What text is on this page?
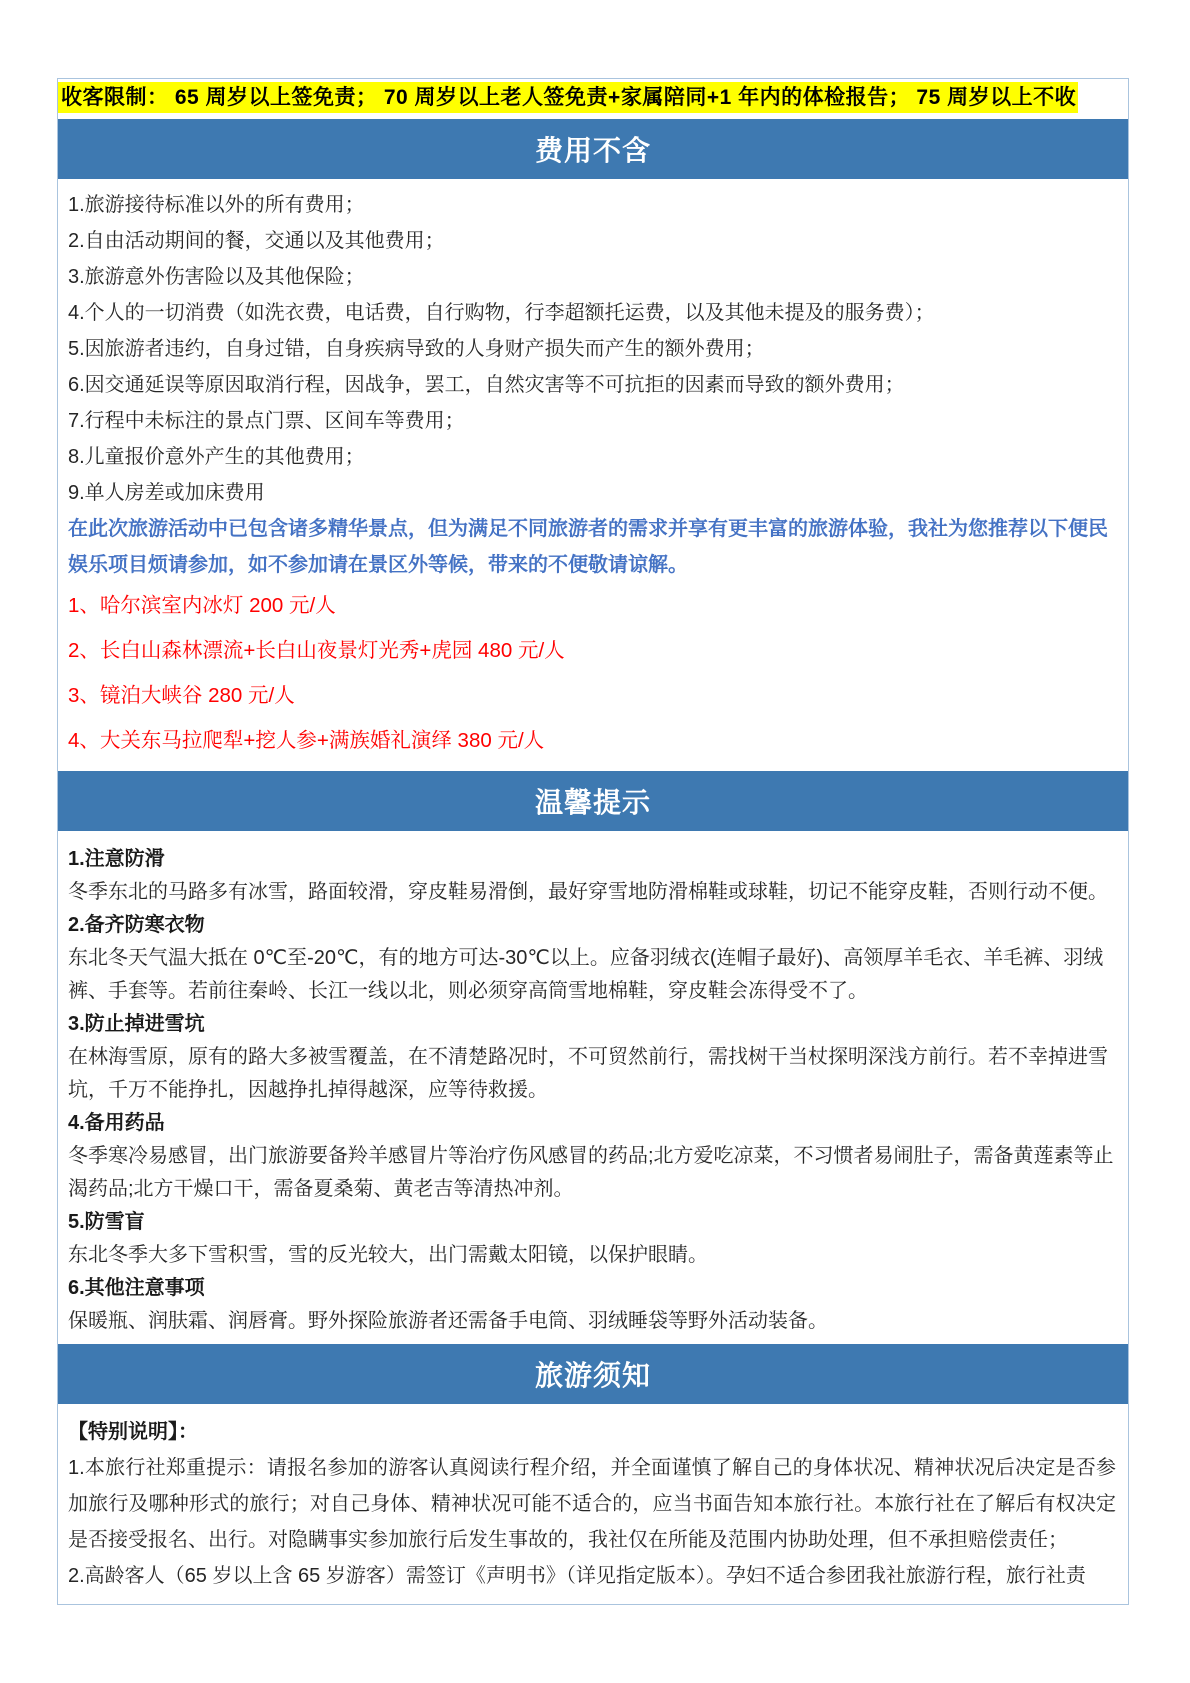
收客限制： 65 周岁以上签免责； 70 周岁以上老人签免责+家属陪同+1 年内的体检报告； 75 周岁以上不收
费用不含
1.旅游接待标准以外的所有费用；
2.自由活动期间的餐，交通以及其他费用；
3.旅游意外伤害险以及其他保险；
4.个人的一切消费（如洗衣费，电话费，自行购物，行李超额托运费，以及其他未提及的服务费）；
5.因旅游者违约，自身过错，自身疾病导致的人身财产损失而产生的额外费用；
6.因交通延误等原因取消行程，因战争，罢工，自然灾害等不可抗拒的因素而导致的额外费用；
7.行程中未标注的景点门票、区间车等费用；
8.儿童报价意外产生的其他费用；
9.单人房差或加床费用

在此次旅游活动中已包含诸多精华景点，但为满足不同旅游者的需求并享有更丰富的旅游体验，我社为您推荐以下便民娱乐项目烦请参加，如不参加请在景区外等候，带来的不便敬请谅解。

1、哈尔滨室内冰灯 200 元/人
2、长白山森林漂流+长白山夜景灯光秀+虎园 480 元/人
3、镜泊大峡谷 280 元/人
4、大关东马拉爬犁+挖人参+满族婚礼演绎 380 元/人
温馨提示

1.注意防滑

冬季东北的马路多有冰雪，路面较滑，穿皮鞋易滑倒，最好穿雪地防滑棉鞋或球鞋，切记不能穿皮鞋，否则行动不便。

2.备齐防寒衣物

东北冬天气温大抵在 0℃至-20℃，有的地方可达-30℃以上。应备羽绒衣(连帽子最好)、高领厚羊毛衣、羊毛裤、羽绒裤、手套等。若前往秦岭、长江一线以北，则必须穿高筒雪地棉鞋，穿皮鞋会冻得受不了。

3.防止掉进雪坑

在林海雪原，原有的路大多被雪覆盖，在不清楚路况时，不可贸然前行，需找树干当杖探明深浅方前行。若不幸掉进雪坑，千万不能挣扎，因越挣扎掉得越深，应等待救援。

4.备用药品

冬季寒冷易感冒，出门旅游要备羚羊感冒片等治疗伤风感冒的药品;北方爱吃凉菜，不习惯者易闹肚子，需备黄莲素等止渴药品;北方干燥口干，需备夏桑菊、黄老吉等清热冲剂。

5.防雪盲

东北冬季大多下雪积雪，雪的反光较大，出门需戴太阳镜，以保护眼睛。

6.其他注意事项

保暖瓶、润肤霜、润唇膏。野外探险旅游者还需备手电筒、羽绒睡袋等野外活动装备。

旅游须知

【特别说明】：

1.本旅行社郑重提示：请报名参加的游客认真阅读行程介绍，并全面谨慎了解自己的身体状况、精神状况后决定是否参加旅行及哪种形式的旅行；对自己身体、精神状况可能不适合的，应当书面告知本旅行社。本旅行社在了解后有权决定是否接受报名、出行。对隐瞒事实参加旅行后发生事故的，我社仅在所能及范围内协助处理，但不承担赔偿责任；

2.高龄客人（65 岁以上含 65 岁游客）需签订《声明书》（详见指定版本）。孕妇不适合参团我社旅游行程，旅行社责
